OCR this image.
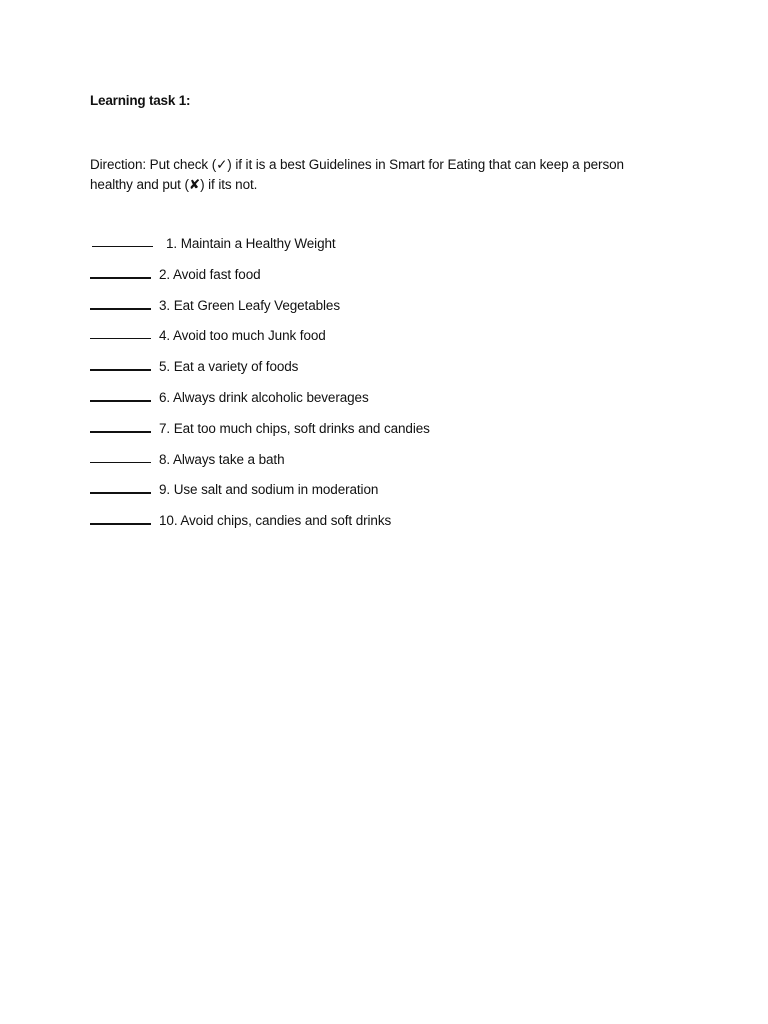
Learning task 1:
Direction: Put check (✓) if it is a best Guidelines in Smart for Eating that can keep a person healthy and put (✘) if its not.
1. Maintain a Healthy Weight
2. Avoid fast food
3. Eat Green Leafy Vegetables
4. Avoid too much Junk food
5. Eat a variety of foods
6. Always drink alcoholic beverages
7. Eat too much chips, soft drinks and candies
8. Always take a bath
9. Use salt and sodium in moderation
10. Avoid chips, candies and soft drinks
